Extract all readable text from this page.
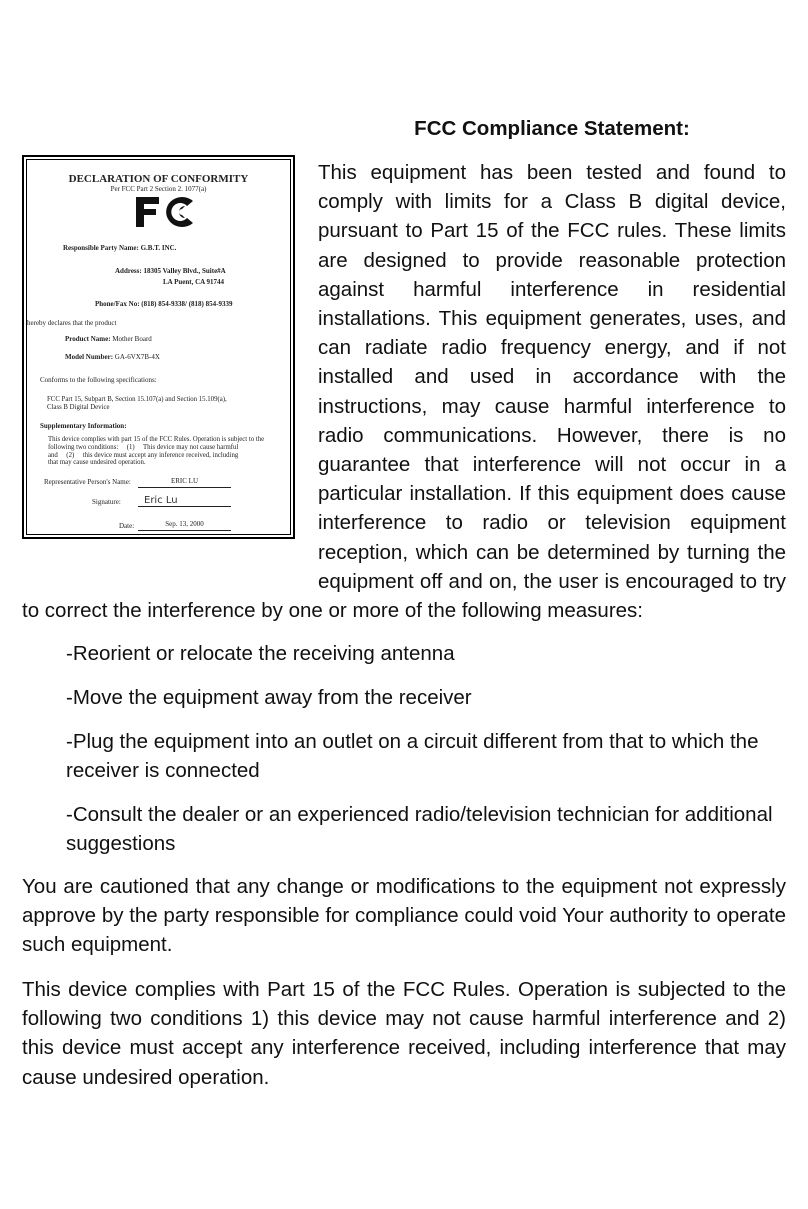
FCC Compliance Statement:
DECLARATION OF CONFORMITY
Per FCC Part 2 Section 2. 1077(a)
Responsible Party Name: G.B.T. INC.
Address: 18305 Valley Blvd., Suite#A
LA Puent, CA 91744
Phone/Fax No: (818) 854-9338/ (818) 854-9339
hereby declares that the product
Product Name: Mother Board
Model Number: GA-6VX7B-4X
Conforms to the following specifications:
FCC Part 15, Subpart B, Section 15.107(a) and Section 15.109(a),
Class B Digital Device
Supplementary Information:
This device complies with part 15 of the FCC Rules. Operation is subject to the
following two conditions:     (1)     This device may not cause harmful
and     (2)     this device must accept any inference received, including
that may cause undesired operation.
Representative Person's Name:	ERIC LU
Signature:	Eric Lu
Date:	Sep. 13, 2000

This equipment has been tested and found to comply with limits for a Class B digital device, pursuant to Part 15 of the FCC rules. These limits are designed to provide reasonable protection against harmful interference in residential installations. This equipment generates, uses, and can radiate radio frequency energy, and if not installed and used in accordance with the instructions, may cause harmful interference to radio communications. However, there is no guarantee that interference will not occur in a particular installation. If this equipment does cause interference to radio or television equipment reception, which can be determined by turning the equipment off and on, the user is encouraged to try to correct the interference by one or more of the following measures:

-Reorient or relocate the receiving antenna

-Move the equipment away from the receiver

-Plug the equipment into an outlet on a circuit different from that to which the receiver is connected

-Consult the dealer or an experienced radio/television technician for additional suggestions

You are cautioned that any change or modifications to the equipment not expressly approve by the party responsible for compliance could void Your authority to operate such equipment.

This device complies with Part 15 of the FCC Rules. Operation is subjected to the following two conditions 1) this device may not cause harmful interference and 2) this device must accept any interference received, including interference that may cause undesired operation.
